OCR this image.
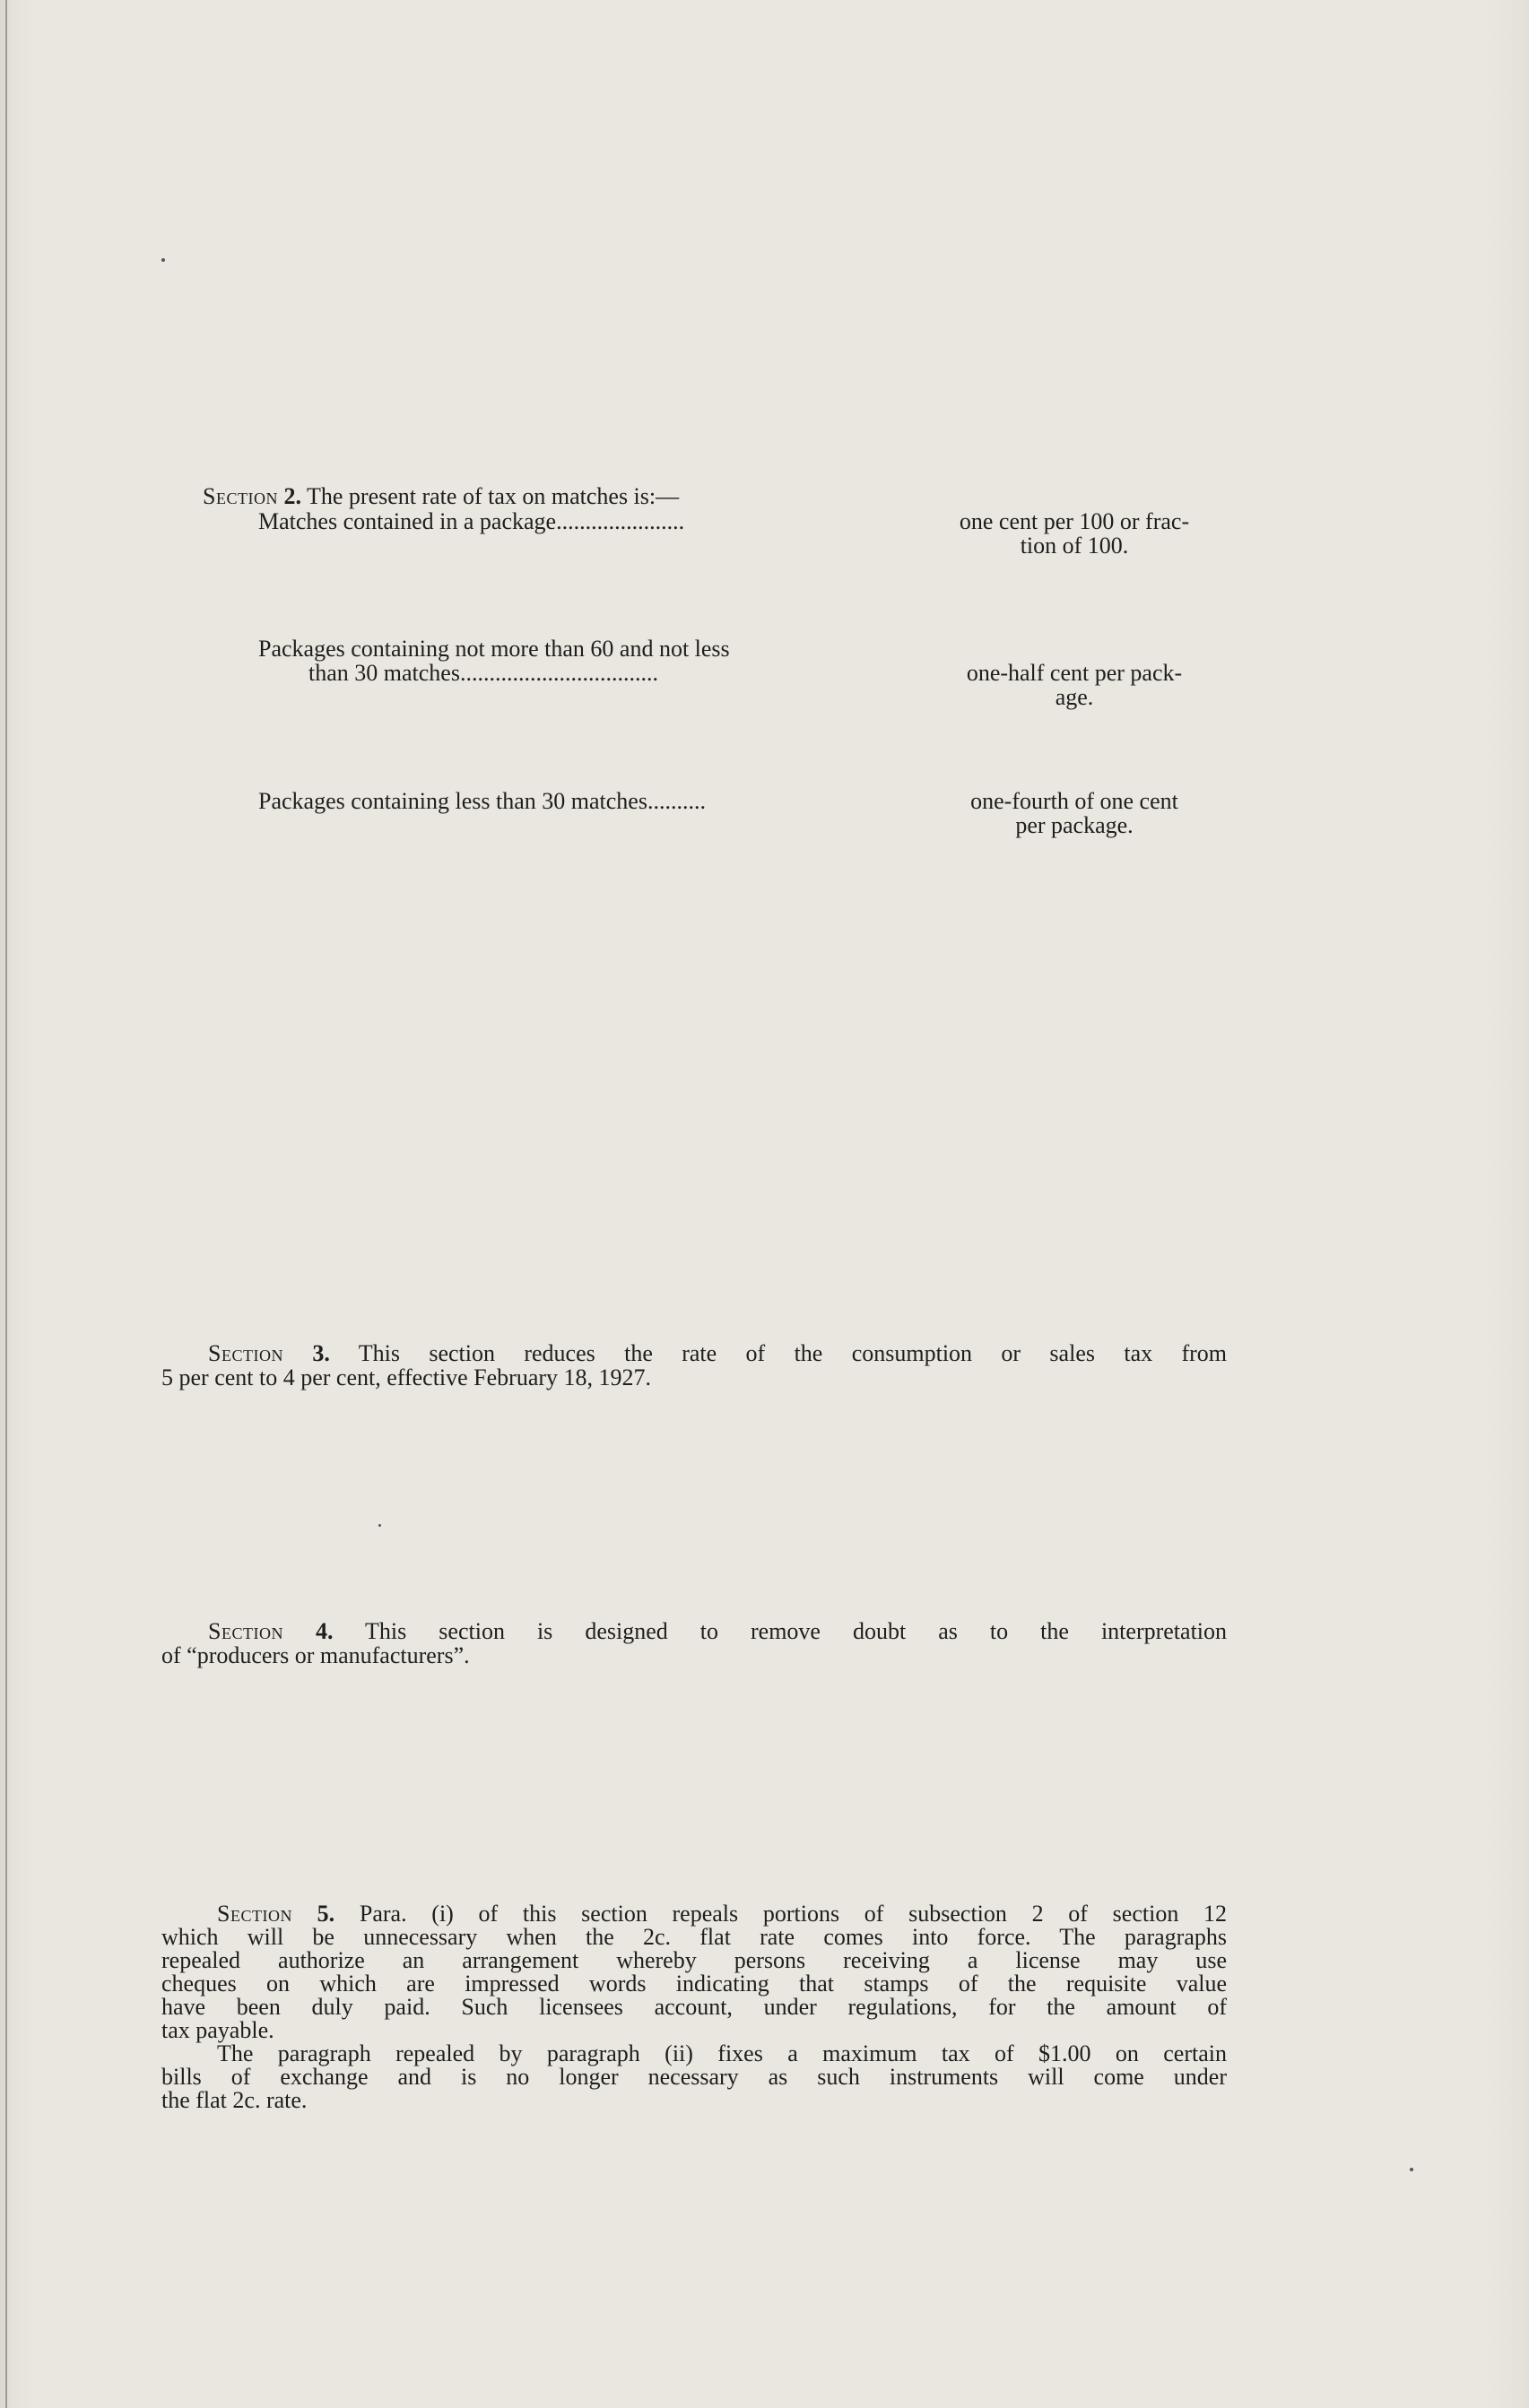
Section 2. The present rate of tax on matches is:—
Matches contained in a package......................	one cent per 100 or frac-
tion of 100.
Packages containing not more than 60 and not less
than 30 matches..................................	one-half cent per pack-
age.
Packages containing less than 30 matches..........	one-fourth of one cent
per package.
Section 3. This section reduces the rate of the consumption or sales tax from
5 per cent to 4 per cent, effective February 18, 1927.
Section 4. This section is designed to remove doubt as to the interpretation
of “producers or manufacturers”.
Section 5. Para. (i) of this section repeals portions of subsection 2 of section 12
which will be unnecessary when the 2c. flat rate comes into force. The paragraphs
repealed authorize an arrangement whereby persons receiving a license may use
cheques on which are impressed words indicating that stamps of the requisite value
have been duly paid. Such licensees account, under regulations, for the amount of
tax payable.
The paragraph repealed by paragraph (ii) fixes a maximum tax of $1.00 on certain
bills of exchange and is no longer necessary as such instruments will come under
the flat 2c. rate.
